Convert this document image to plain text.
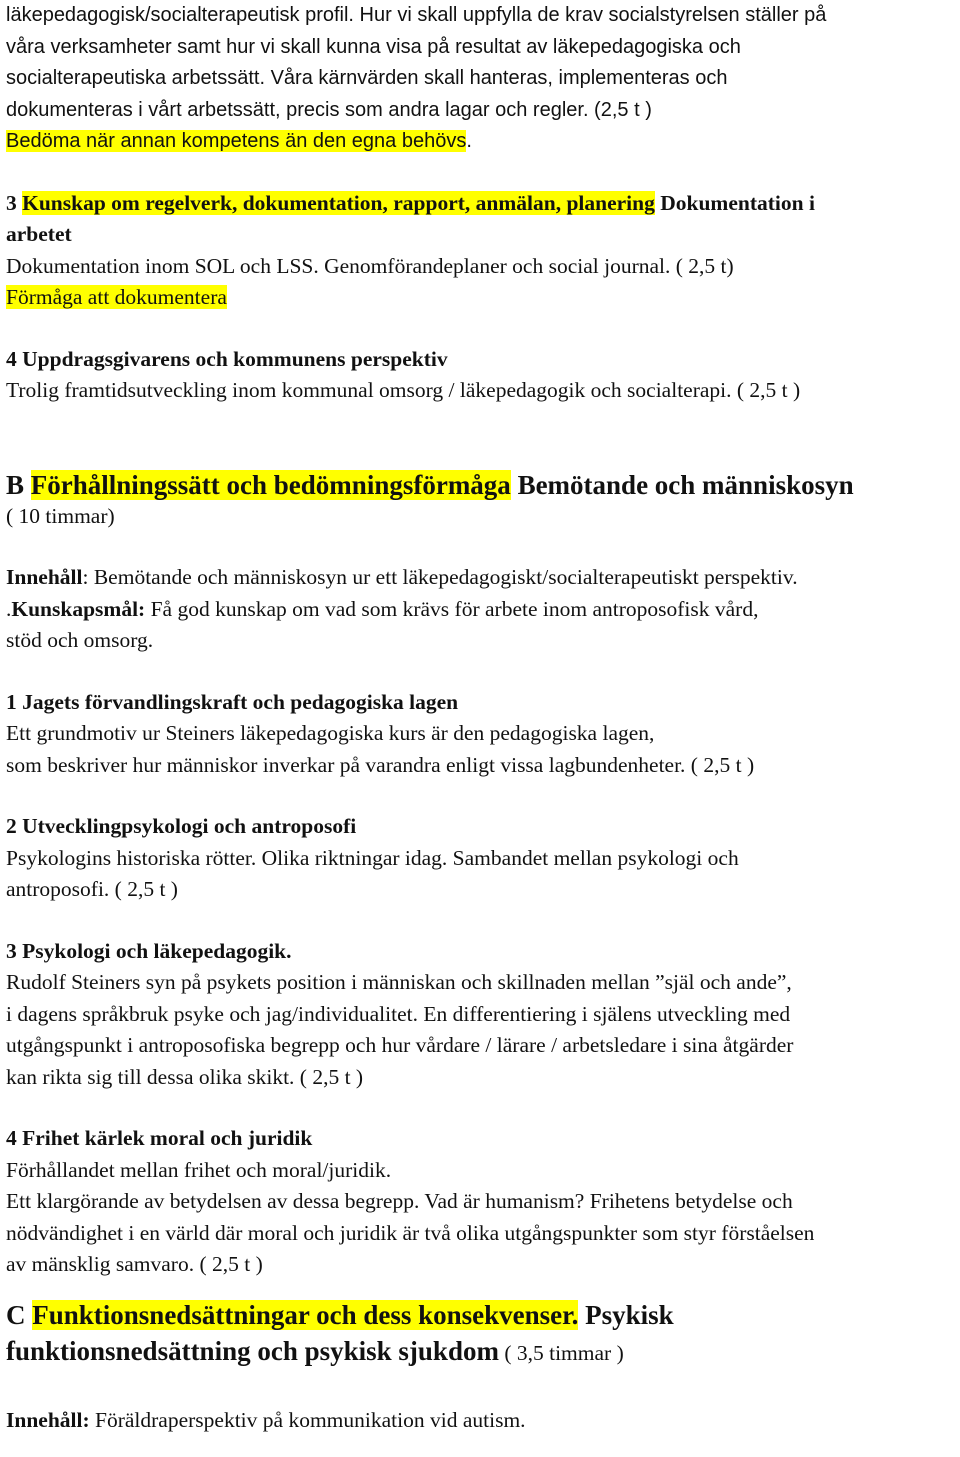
läkepedagogisk/socialterapeutisk profil. Hur vi skall uppfylla de krav socialstyrelsen ställer på
våra verksamheter samt hur vi skall kunna visa på resultat av läkepedagogiska och
socialterapeutiska arbetssätt. Våra kärnvärden skall hanteras, implementeras och
dokumenteras i vårt arbetssätt, precis som andra lagar och regler. (2,5 t )
Bedöma när annan kompetens än den egna behövs.
3 Kunskap om regelverk, dokumentation, rapport, anmälan, planering Dokumentation i
arbetet
Dokumentation inom SOL och LSS. Genomförandeplaner och social journal. ( 2,5 t)
Förmåga att dokumentera
4 Uppdragsgivarens och kommunens perspektiv
Trolig framtidsutveckling inom kommunal omsorg / läkepedagogik och socialterapi. ( 2,5 t )
B Förhållningssätt och bedömningsförmåga Bemötande och människosyn
( 10 timmar)
Innehåll: Bemötande och människosyn ur ett läkepedagogiskt/socialterapeutiskt perspektiv.
.Kunskapsmål: Få god kunskap om vad som krävs för arbete inom antroposofisk vård,
stöd och omsorg.
1 Jagets förvandlingskraft och pedagogiska lagen
Ett grundmotiv ur Steiners läkepedagogiska kurs är den pedagogiska lagen,
som beskriver hur människor inverkar på varandra enligt vissa lagbundenheter. ( 2,5 t )
2 Utvecklingpsykologi och antroposofi
Psykologins historiska rötter. Olika riktningar idag. Sambandet mellan psykologi och
antroposofi. ( 2,5 t )
3 Psykologi och läkepedagogik.
Rudolf Steiners syn på psykets position i människan och skillnaden mellan ”själ och ande”,
i dagens språkbruk psyke och jag/individualitet. En differentiering i själens utveckling med
utgångspunkt i antroposofiska begrepp och hur vårdare / lärare / arbetsledare i sina åtgärder
kan rikta sig till dessa olika skikt. ( 2,5 t )
4 Frihet kärlek moral och juridik
Förhållandet mellan frihet och moral/juridik.
Ett klargörande av betydelsen av dessa begrepp. Vad är humanism? Frihetens betydelse och
nödvändighet i en värld där moral och juridik är två olika utgångspunkter som styr förståelsen
av mänsklig samvaro. ( 2,5 t )
C Funktionsnedsättningar och dess konsekvenser. Psykisk
funktionsnedsättning och psykisk sjukdom ( 3,5 timmar )
Innehåll: Föräldraperspektiv på kommunikation vid autism.
